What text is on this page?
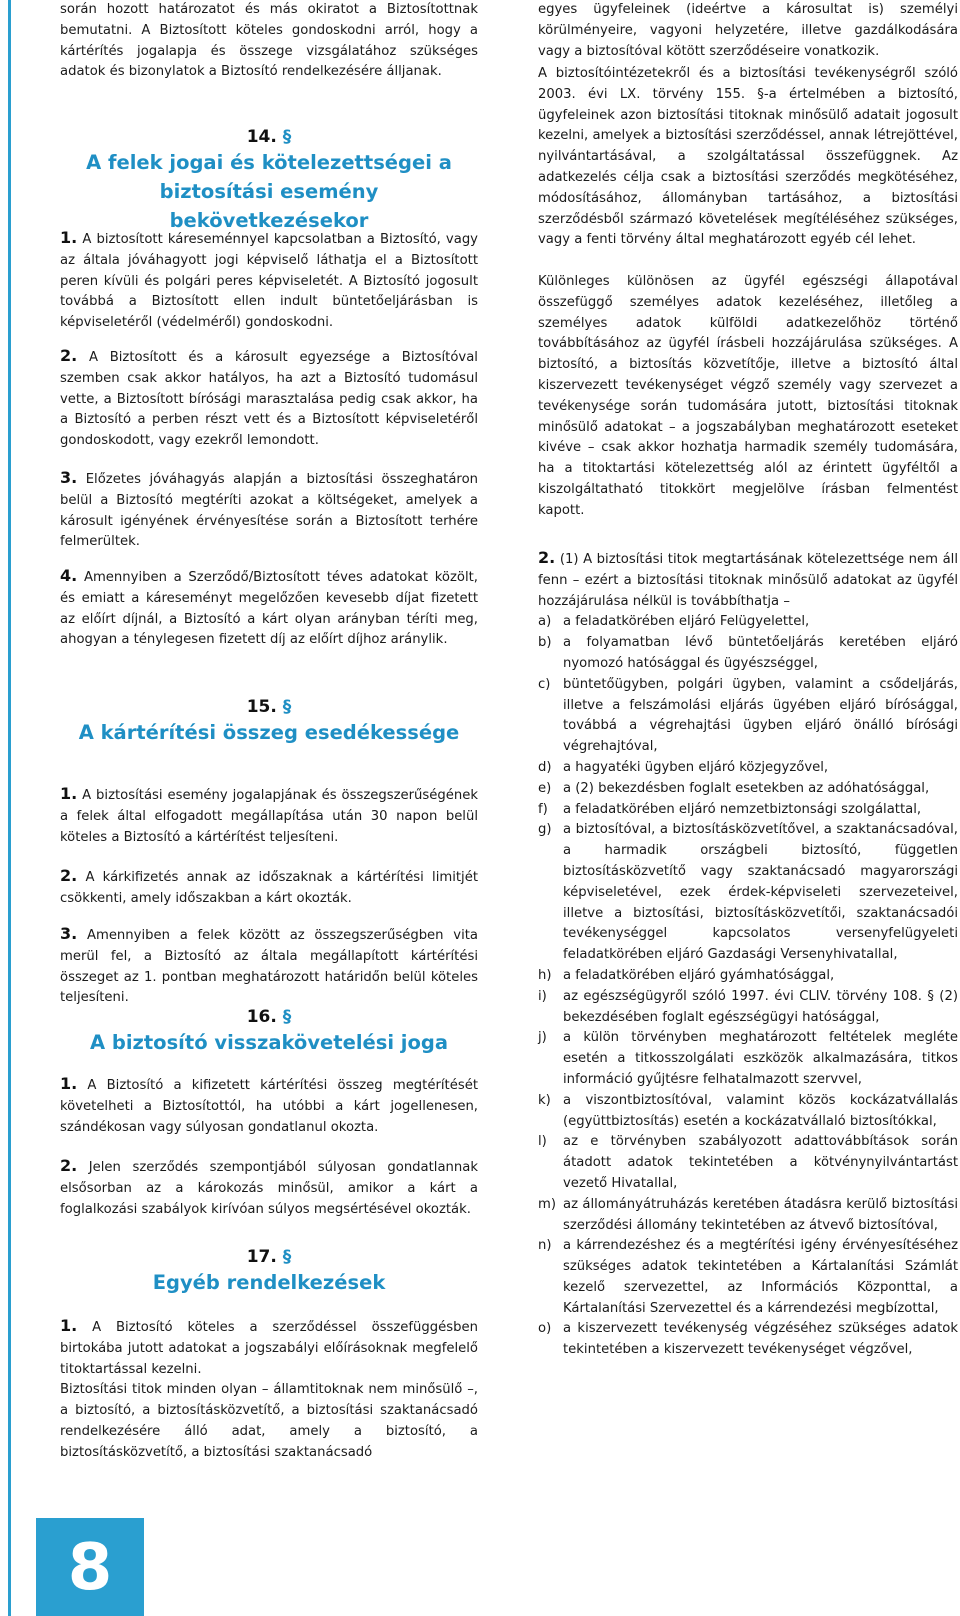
során hozott határozatot és más okiratot a Biztosítottnak bemutatni. A Biztosított köteles gondoskodni arról, hogy a kártérítés jogalapja és összege vizsgálatához szükséges adatok és bizonylatok a Biztosító rendelkezésére álljanak.

14. §
A felek jogai és kötelezettségei a biztosítási esemény bekövetkezésekor

1. A biztosított káreseménnyel kapcsolatban a Biztosító, vagy az általa jóváhagyott jogi képviselő láthatja el a Biztosított peren kívüli és polgári peres képviseletét. A Biztosító jogosult továbbá a Biztosított ellen indult büntetőeljárásban is képviseletéről (védelméről) gondoskodni.

2. A Biztosított és a károsult egyezsége a Biztosítóval szemben csak akkor hatályos, ha azt a Biztosító tudomásul vette, a Biztosított bírósági marasztalása pedig csak akkor, ha a Biztosító a perben részt vett és a Biztosított képviseletéről gondoskodott, vagy ezekről lemondott.

3. Előzetes jóváhagyás alapján a biztosítási összeghatáron belül a Biztosító megtéríti azokat a költségeket, amelyek a károsult igényének érvényesítése során a Biztosított terhére felmerültek.

4. Amennyiben a Szerződő/Biztosított téves adatokat közölt, és emiatt a káreseményt megelőzően kevesebb díjat fizetett az előírt díjnál, a Biztosító a kárt olyan arányban téríti meg, ahogyan a ténylegesen fizetett díj az előírt díjhoz aránylik.

15. §
A kártérítési összeg esedékessége

1. A biztosítási esemény jogalapjának és összegszerűségének a felek által elfogadott megállapítása után 30 napon belül köteles a Biztosító a kártérítést teljesíteni.

2. A kárkifizetés annak az időszaknak a kártérítési limitjét csökkenti, amely időszakban a kárt okozták.

3. Amennyiben a felek között az összegszerűségben vita merül fel, a Biztosító az általa megállapított kártérítési összeget az 1. pontban meghatározott határidőn belül köteles teljesíteni.

16. §
A biztosító visszakövetelési joga

1. A Biztosító a kifizetett kártérítési összeg megtérítését követelheti a Biztosítottól, ha utóbbi a kárt jogellenesen, szándékosan vagy súlyosan gondatlanul okozta.

2. Jelen szerződés szempontjából súlyosan gondatlannak elsősorban az a károkozás minősül, amikor a kárt a foglalkozási szabályok kirívóan súlyos megsértésével okozták.

17. §
Egyéb rendelkezések

1. A Biztosító köteles a szerződéssel összefüggésben birtokába jutott adatokat a jogszabályi előírásoknak megfelelő titoktartással kezelni.

Biztosítási titok minden olyan – államtitoknak nem minősülő –, a biztosító, a biztosításközvetítő, a biztosítási szaktanácsadó rendelkezésére álló adat, amely a biztosító, a biztosításközvetítő, a biztosítási szaktanácsadó

egyes ügyfeleinek (ideértve a károsultat is) személyi körülményeire, vagyoni helyzetére, illetve gazdálkodására vagy a biztosítóval kötött szerződéseire vonatkozik.

A biztosítóintézetekről és a biztosítási tevékenységről szóló 2003. évi LX. törvény 155. §-a értelmében a biztosító, ügyfeleinek azon biztosítási titoknak minősülő adatait jogosult kezelni, amelyek a biztosítási szerződéssel, annak létrejöttével, nyilvántartásával, a szolgáltatással összefüggnek. Az adatkezelés célja csak a biztosítási szerződés megkötéséhez, módosításához, állományban tartásához, a biztosítási szerződésből származó követelések megítéléséhez szükséges, vagy a fenti törvény által meghatározott egyéb cél lehet.

Különleges különösen az ügyfél egészségi állapotával összefüggő személyes adatok kezeléséhez, illetőleg a személyes adatok külföldi adatkezelőhöz történő továbbításához az ügyfél írásbeli hozzájárulása szükséges. A biztosító, a biztosítás közvetítője, illetve a biztosító által kiszervezett tevékenységet végző személy vagy szervezet a tevékenysége során tudomására jutott, biztosítási titoknak minősülő adatokat – a jogszabályban meghatározott eseteket kivéve – csak akkor hozhatja harmadik személy tudomására, ha a titoktartási kötelezettség alól az érintett ügyféltől a kiszolgáltatható titokkört megjelölve írásban felmentést kapott.

2. (1) A biztosítási titok megtartásának kötelezettsége nem áll fenn – ezért a biztosítási titoknak minősülő adatokat az ügyfél hozzájárulása nélkül is továbbíthatja –

a) a feladatkörében eljáró Felügyelettel,
b) a folyamatban lévő büntetőeljárás keretében eljáró nyomozó hatósággal és ügyészséggel,
c) büntetőügyben, polgári ügyben, valamint a csődeljárás, illetve a felszámolási eljárás ügyében eljáró bírósággal, továbbá a végrehajtási ügyben eljáró önálló bírósági végrehajtóval,
d) a hagyatéki ügyben eljáró közjegyzővel,
e) a (2) bekezdésben foglalt esetekben az adóhatósággal,
f) a feladatkörében eljáró nemzetbiztonsági szolgálattal,
g) a biztosítóval, a biztosításközvetítővel, a szaktanácsadóval, a harmadik országbeli biztosító, független biztosításközvetítő vagy szaktanácsadó magyarországi képviseletével, ezek érdek-képviseleti szervezeteivel, illetve a biztosítási, biztosításközvetítői, szaktanácsadói tevékenységgel kapcsolatos versenyfelügyeleti feladatkörében eljáró Gazdasági Versenyhivatallal,
h) a feladatkörében eljáró gyámhatósággal,
i) az egészségügyről szóló 1997. évi CLIV. törvény 108. § (2) bekezdésében foglalt egészségügyi hatósággal,
j) a külön törvényben meghatározott feltételek megléte esetén a titkosszolgálati eszközök alkalmazására, titkos információ gyűjtésre felhatalmazott szervvel,
k) a viszontbiztosítóval, valamint közös kockázatvállalás (együttbiztosítás) esetén a kockázatvállaló biztosítókkal,
l) az e törvényben szabályozott adattovábbítások során átadott adatok tekintetében a kötvénynyilvántartást vezető Hivatallal,
m) az állományátruházás keretében átadásra kerülő biztosítási szerződési állomány tekintetében az átvevő biztosítóval,
n) a kárrendezéshez és a megtérítési igény érvényesítéséhez szükséges adatok tekintetében a Kártalanítási Számlát kezelő szervezettel, az Információs Központtal, a Kártalanítási Szervezettel és a kárrendezési megbízottal,
o) a kiszervezett tevékenység végzéséhez szükséges adatok tekintetében a kiszervezett tevékenységet végzővel,
8
